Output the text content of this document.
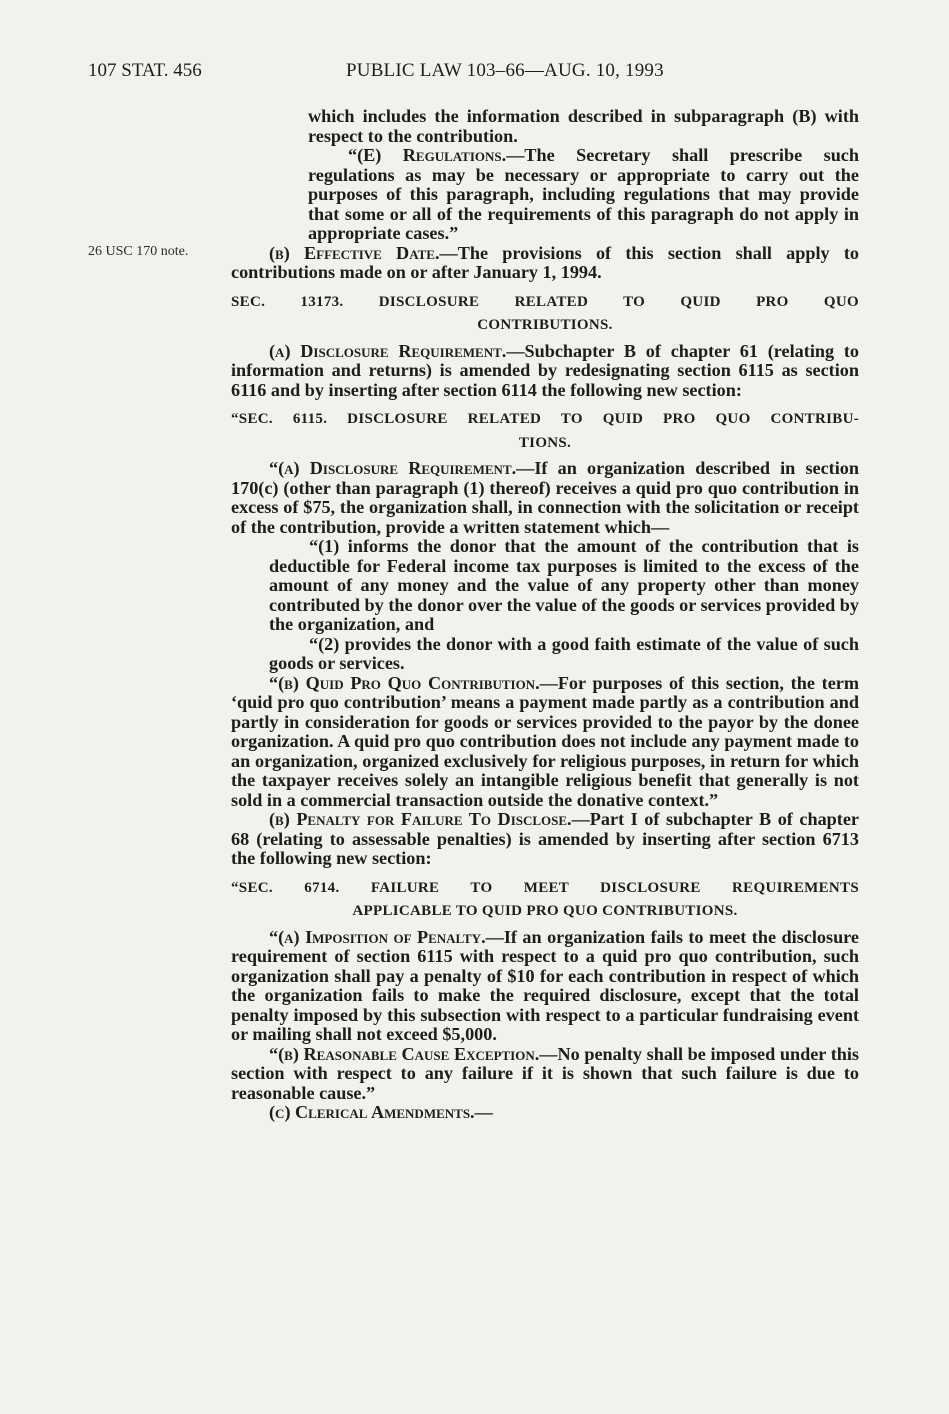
107 STAT. 456	PUBLIC LAW 103–66—AUG. 10, 1993
26 USC 170 note.

which includes the information described in subparagraph (B) with respect to the contribution.

“(E) Regulations.—The Secretary shall prescribe such regulations as may be necessary or appropriate to carry out the purposes of this paragraph, including regulations that may provide that some or all of the requirements of this paragraph do not apply in appropriate cases.”

(b) Effective Date.—The provisions of this section shall apply to contributions made on or after January 1, 1994.

SEC. 13173. DISCLOSURE RELATED TO QUID PRO QUO

CONTRIBUTIONS.

(a) Disclosure Requirement.—Subchapter B of chapter 61 (relating to information and returns) is amended by redesignating section 6115 as section 6116 and by inserting after section 6114 the following new section:

“SEC. 6115. DISCLOSURE RELATED TO QUID PRO QUO CONTRIBU-

TIONS.

“(a) Disclosure Requirement.—If an organization described in section 170(c) (other than paragraph (1) thereof) receives a quid pro quo contribution in excess of $75, the organization shall, in connection with the solicitation or receipt of the contribution, provide a written statement which—

“(1) informs the donor that the amount of the contribution that is deductible for Federal income tax purposes is limited to the excess of the amount of any money and the value of any property other than money contributed by the donor over the value of the goods or services provided by the organization, and

“(2) provides the donor with a good faith estimate of the value of such goods or services.

“(b) Quid Pro Quo Contribution.—For purposes of this section, the term ‘quid pro quo contribution’ means a payment made partly as a contribution and partly in consideration for goods or services provided to the payor by the donee organization. A quid pro quo contribution does not include any payment made to an organization, organized exclusively for religious purposes, in return for which the taxpayer receives solely an intangible religious benefit that generally is not sold in a commercial transaction outside the donative context.”

(b) Penalty for Failure To Disclose.—Part I of subchapter B of chapter 68 (relating to assessable penalties) is amended by inserting after section 6713 the following new section:

“SEC. 6714. FAILURE TO MEET DISCLOSURE REQUIREMENTS

APPLICABLE TO QUID PRO QUO CONTRIBUTIONS.

“(a) Imposition of Penalty.—If an organization fails to meet the disclosure requirement of section 6115 with respect to a quid pro quo contribution, such organization shall pay a penalty of $10 for each contribution in respect of which the organization fails to make the required disclosure, except that the total penalty imposed by this subsection with respect to a particular fundraising event or mailing shall not exceed $5,000.

“(b) Reasonable Cause Exception.—No penalty shall be imposed under this section with respect to any failure if it is shown that such failure is due to reasonable cause.”

(c) Clerical Amendments.—
